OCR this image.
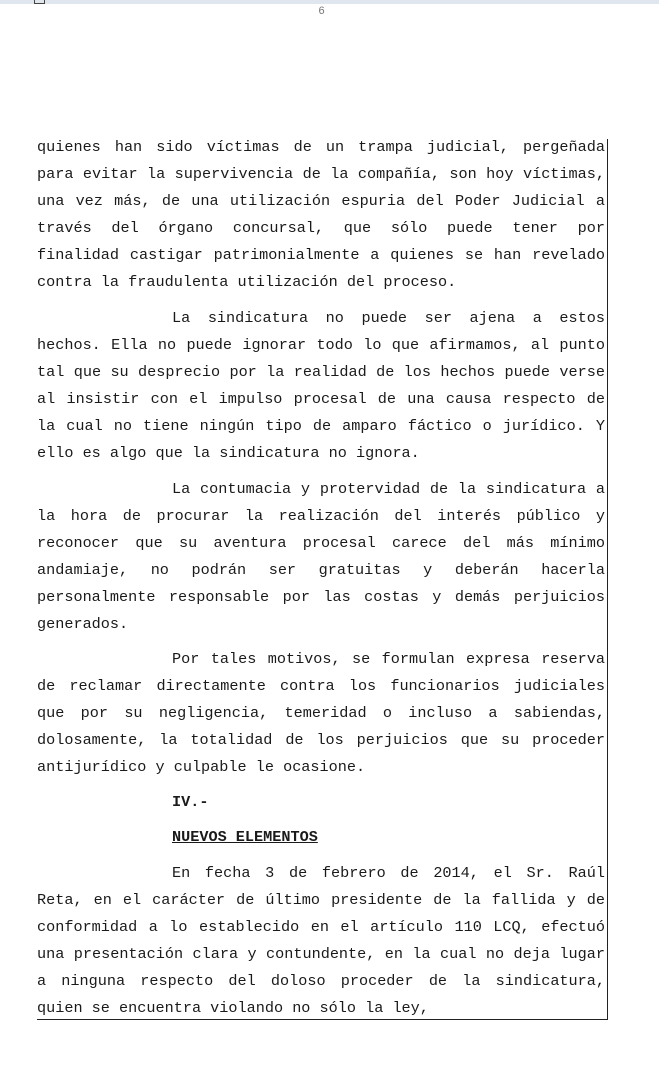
6

quienes han sido víctimas de un trampa judicial, pergeñada para evitar la supervivencia de la compañía, son hoy víctimas, una vez más, de una utilización espuria del Poder Judicial a través del órgano concursal, que sólo puede tener por finalidad castigar patrimonialmente a quienes se han revelado contra la fraudulenta utilización del proceso.

La sindicatura no puede ser ajena a estos hechos. Ella no puede ignorar todo lo que afirmamos, al punto tal que su desprecio por la realidad de los hechos puede verse al insistir con el impulso procesal de una causa respecto de la cual no tiene ningún tipo de amparo fáctico o jurídico. Y ello es algo que la sindicatura no ignora.

La contumacia y protervidad de la sindicatura a la hora de procurar la realización del interés público y reconocer que su aventura procesal carece del más mínimo andamiaje, no podrán ser gratuitas y deberán hacerla personalmente responsable por las costas y demás perjuicios generados.

Por tales motivos, se formulan expresa reserva de reclamar directamente contra los funcionarios judiciales que por su negligencia, temeridad o incluso a sabiendas, dolosamente, la totalidad de los perjuicios que su proceder antijurídico y culpable le ocasione.

IV.-
NUEVOS ELEMENTOS

En fecha 3 de febrero de 2014, el Sr. Raúl Reta, en el carácter de último presidente de la fallida y de conformidad a lo establecido en el artículo 110 LCQ, efectuó una presentación clara y contundente, en la cual no deja lugar a ninguna respecto del doloso proceder de la sindicatura, quien se encuentra violando no sólo la ley,
